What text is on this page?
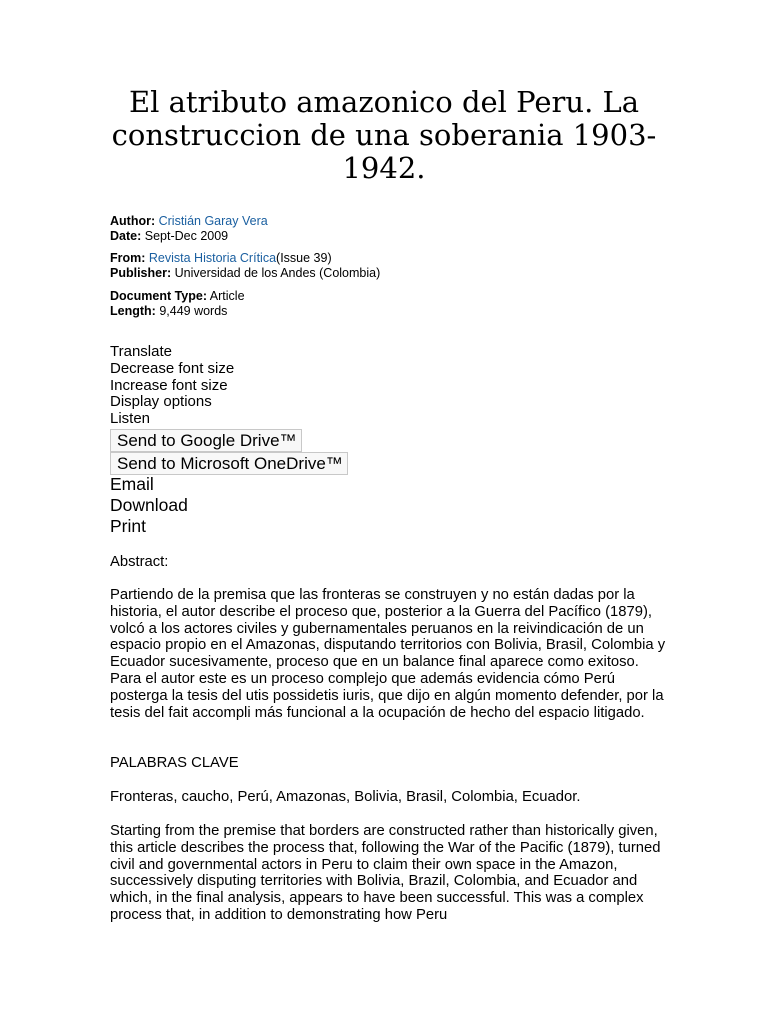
El atributo amazonico del Peru. La construccion de una soberania 1903-1942.
Author: Cristián Garay Vera
Date: Sept-Dec 2009
From: Revista Historia Crítica(Issue 39)
Publisher: Universidad de los Andes (Colombia)
Document Type: Article
Length: 9,449 words
Translate
Decrease font size
Increase font size
Display options
Listen
Send to Google Drive™
Send to Microsoft OneDrive™
Email
Download
Print

Abstract:

Partiendo de la premisa que las fronteras se construyen y no están dadas por la historia, el autor describe el proceso que, posterior a la Guerra del Pacífico (1879), volcó a los actores civiles y gubernamentales peruanos en la reivindicación de un espacio propio en el Amazonas, disputando territorios con Bolivia, Brasil, Colombia y Ecuador sucesivamente, proceso que en un balance final aparece como exitoso. Para el autor este es un proceso complejo que además evidencia cómo Perú posterga la tesis del utis possidetis iuris, que dijo en algún momento defender, por la tesis del fait accompli más funcional a la ocupación de hecho del espacio litigado.

PALABRAS CLAVE

Fronteras, caucho, Perú, Amazonas, Bolivia, Brasil, Colombia, Ecuador.

Starting from the premise that borders are constructed rather than historically given, this article describes the process that, following the War of the Pacific (1879), turned civil and governmental actors in Peru to claim their own space in the Amazon, successively disputing territories with Bolivia, Brazil, Colombia, and Ecuador and which, in the final analysis, appears to have been successful. This was a complex process that, in addition to demonstrating how Peru
